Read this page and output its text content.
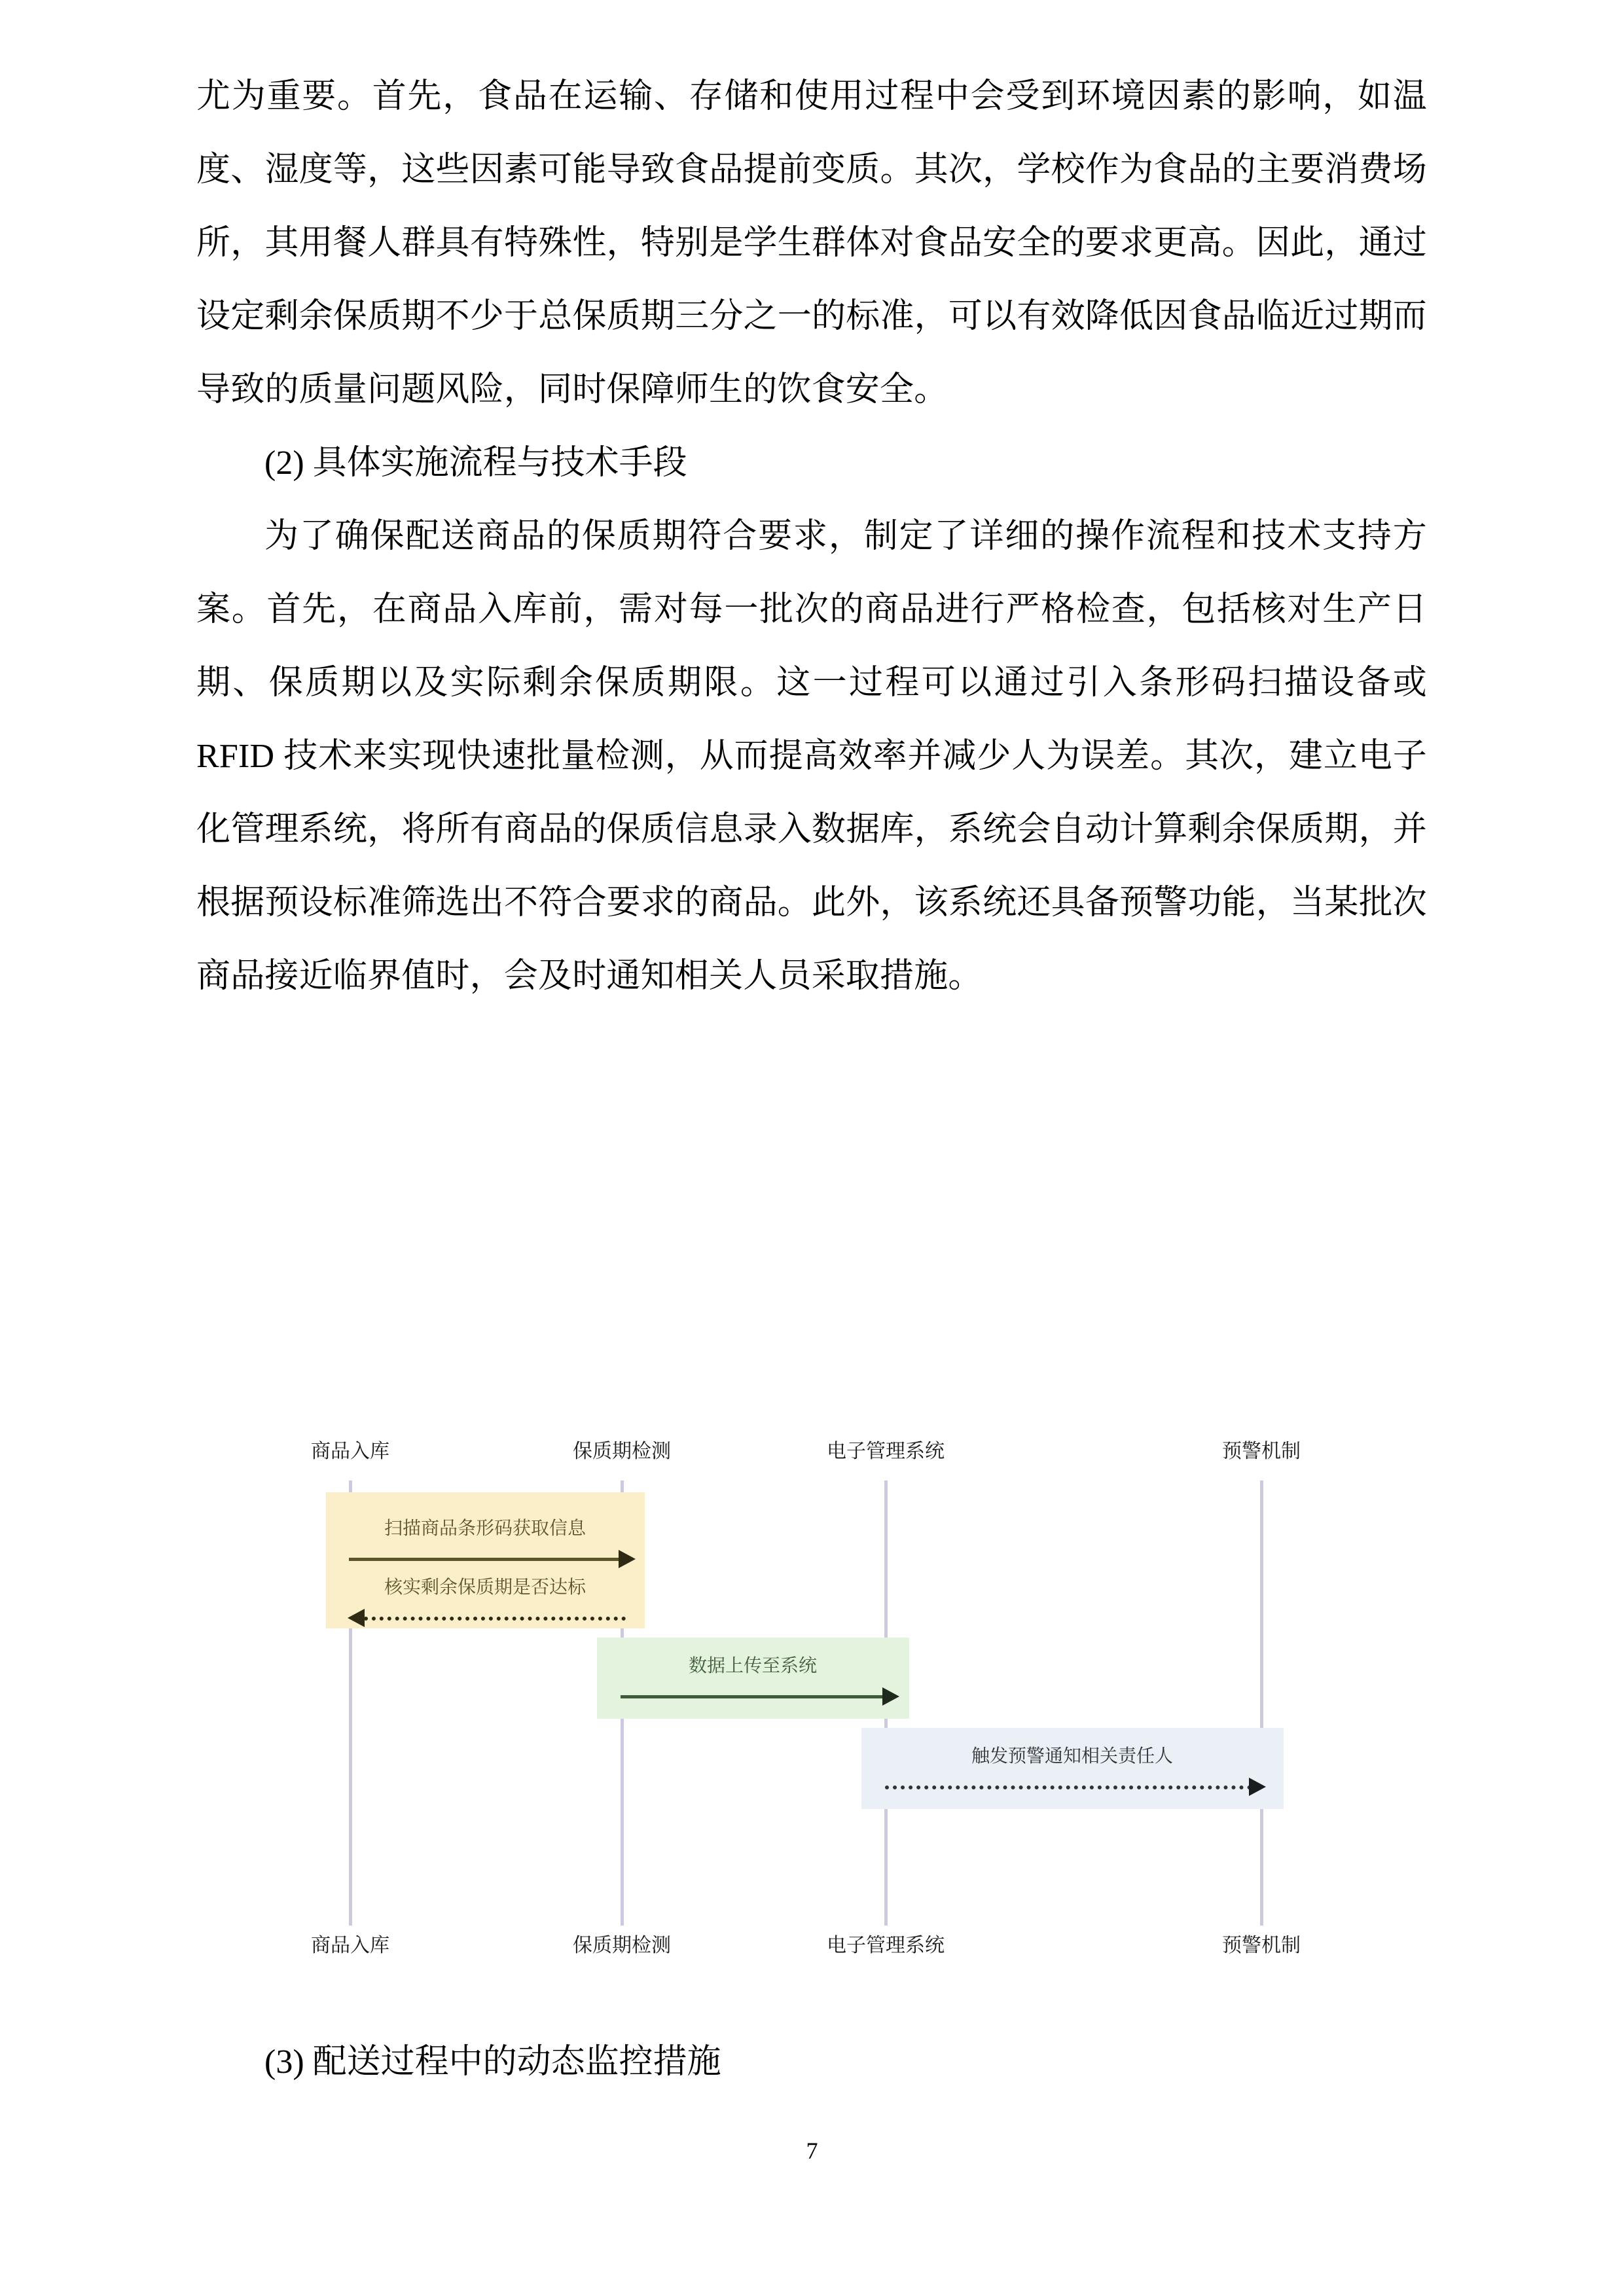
尤为重要。首先，食品在运输、存储和使用过程中会受到环境因素的影响，如温度、湿度等，这些因素可能导致食品提前变质。其次，学校作为食品的主要消费场所，其用餐人群具有特殊性，特别是学生群体对食品安全的要求更高。因此，通过设定剩余保质期不少于总保质期三分之一的标准，可以有效降低因食品临近过期而导致的质量问题风险，同时保障师生的饮食安全。

(2) 具体实施流程与技术手段

为了确保配送商品的保质期符合要求，制定了详细的操作流程和技术支持方案。首先，在商品入库前，需对每一批次的商品进行严格检查，包括核对生产日期、保质期以及实际剩余保质期限。这一过程可以通过引入条形码扫描设备或 RFID 技术来实现快速批量检测，从而提高效率并减少人为误差。其次，建立电子化管理系统，将所有商品的保质信息录入数据库，系统会自动计算剩余保质期，并根据预设标准筛选出不符合要求的商品。此外，该系统还具备预警功能，当某批次商品接近临界值时，会及时通知相关人员采取措施。

商品入库	保质期检测	电子管理系统	预警机制
扫描商品条形码获取信息
核实剩余保质期是否达标
数据上传至系统
触发预警通知相关责任人
商品入库	保质期检测	电子管理系统	预警机制
(3) 配送过程中的动态监控措施
7
